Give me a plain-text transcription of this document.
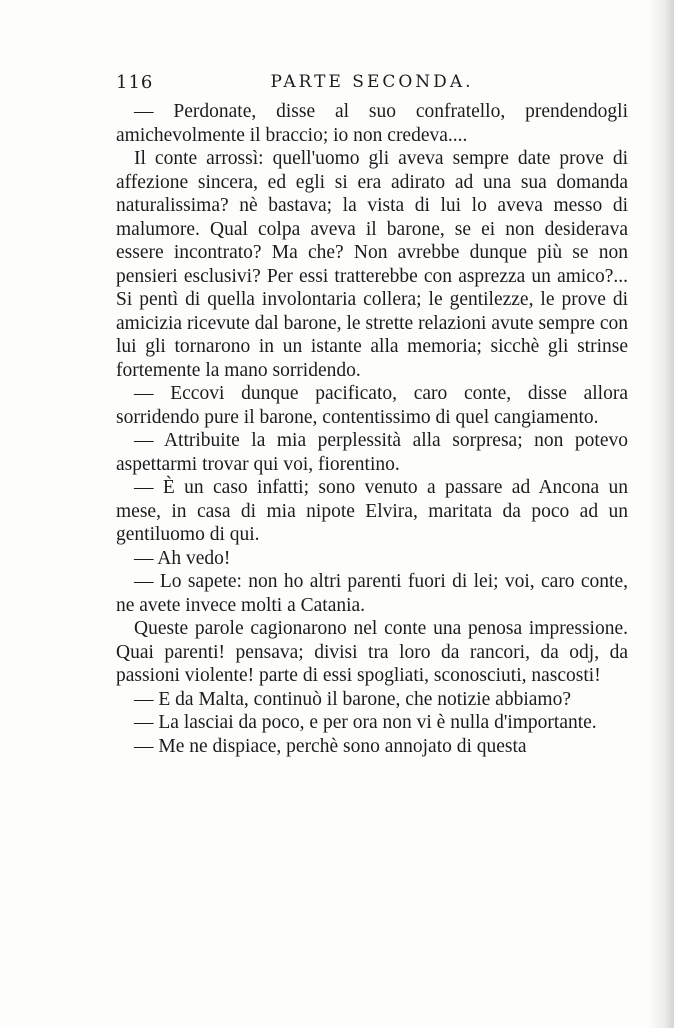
116	PARTE SECONDA.

— Perdonate, disse al suo confratello, prendendogli amichevolmente il braccio; io non credeva....

Il conte arrossì: quell'uomo gli aveva sempre date prove di affezione sincera, ed egli si era adirato ad una sua domanda naturalissima? nè bastava; la vista di lui lo aveva messo di malumore. Qual colpa aveva il barone, se ei non desiderava essere incontrato? Ma che? Non avrebbe dunque più se non pensieri esclusivi? Per essi tratterebbe con asprezza un amico?... Si pentì di quella involontaria collera; le gentilezze, le prove di amicizia ricevute dal barone, le strette relazioni avute sempre con lui gli tornarono in un istante alla memoria; sicchè gli strinse fortemente la mano sorridendo.

— Eccovi dunque pacificato, caro conte, disse allora sorridendo pure il barone, contentissimo di quel cangiamento.

— Attribuite la mia perplessità alla sorpresa; non potevo aspettarmi trovar qui voi, fiorentino.

— È un caso infatti; sono venuto a passare ad Ancona un mese, in casa di mia nipote Elvira, maritata da poco ad un gentiluomo di qui.

— Ah vedo!

— Lo sapete: non ho altri parenti fuori di lei; voi, caro conte, ne avete invece molti a Catania.

Queste parole cagionarono nel conte una penosa impressione. Quai parenti! pensava; divisi tra loro da rancori, da odj, da passioni violente! parte di essi spogliati, sconosciuti, nascosti!

— E da Malta, continuò il barone, che notizie abbiamo?

— La lasciai da poco, e per ora non vi è nulla d'importante.

— Me ne dispiace, perchè sono annojato di questa
